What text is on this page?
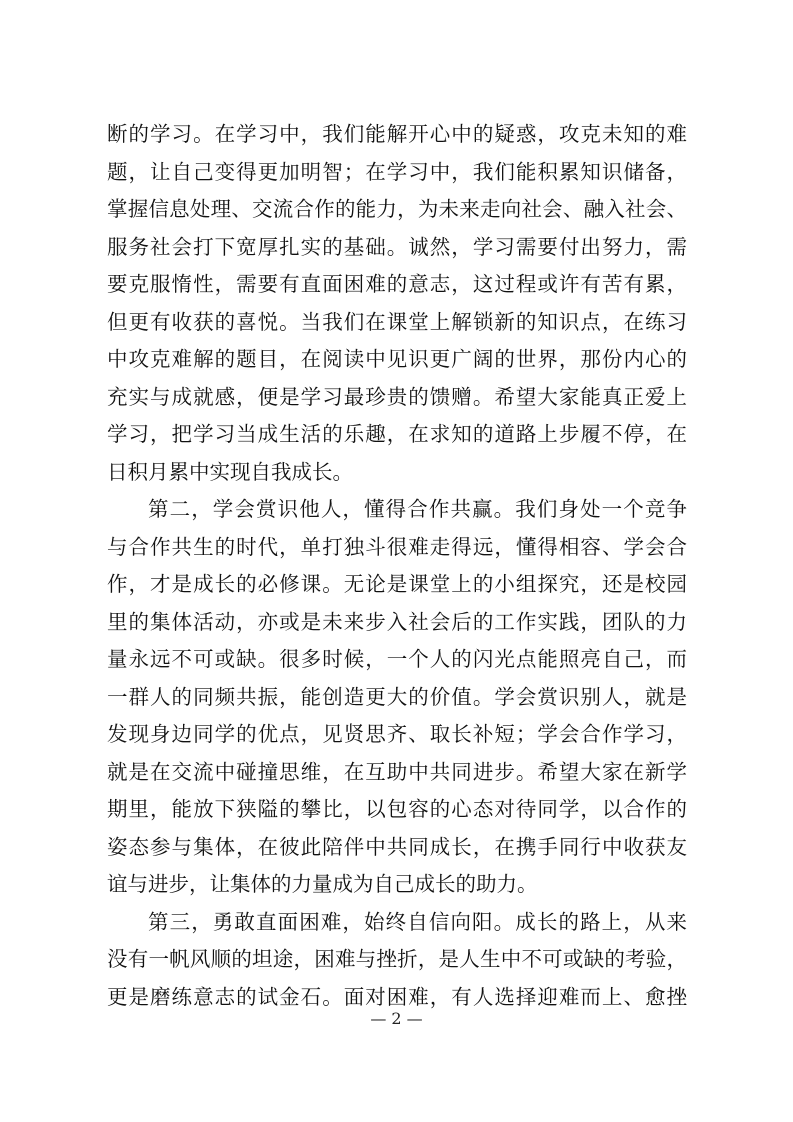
断的学习。在学习中，我们能解开心中的疑惑，攻克未知的难
题，让自己变得更加明智；在学习中，我们能积累知识储备，
掌握信息处理、交流合作的能力，为未来走向社会、融入社会、
服务社会打下宽厚扎实的基础。诚然，学习需要付出努力，需
要克服惰性，需要有直面困难的意志，这过程或许有苦有累，
但更有收获的喜悦。当我们在课堂上解锁新的知识点，在练习
中攻克难解的题目，在阅读中见识更广阔的世界，那份内心的
充实与成就感，便是学习最珍贵的馈赠。希望大家能真正爱上
学习，把学习当成生活的乐趣，在求知的道路上步履不停，在
日积月累中实现自我成长。
第二，学会赏识他人，懂得合作共赢。我们身处一个竞争
与合作共生的时代，单打独斗很难走得远，懂得相容、学会合
作，才是成长的必修课。无论是课堂上的小组探究，还是校园
里的集体活动，亦或是未来步入社会后的工作实践，团队的力
量永远不可或缺。很多时候，一个人的闪光点能照亮自己，而
一群人的同频共振，能创造更大的价值。学会赏识别人，就是
发现身边同学的优点，见贤思齐、取长补短；学会合作学习，
就是在交流中碰撞思维，在互助中共同进步。希望大家在新学
期里，能放下狭隘的攀比，以包容的心态对待同学，以合作的
姿态参与集体，在彼此陪伴中共同成长，在携手同行中收获友
谊与进步，让集体的力量成为自己成长的助力。
第三，勇敢直面困难，始终自信向阳。成长的路上，从来
没有一帆风顺的坦途，困难与挫折，是人生中不可或缺的考验，
更是磨练意志的试金石。面对困难，有人选择迎难而上、愈挫
— 2 —
